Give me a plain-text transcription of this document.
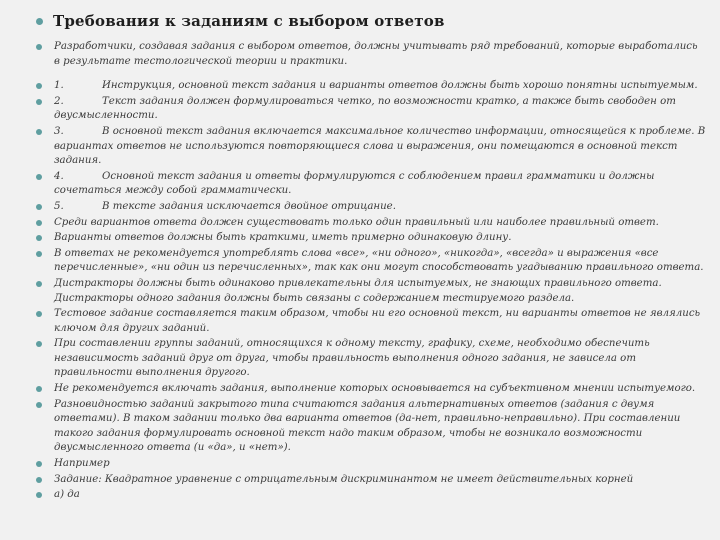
Требования к заданиям с выбором ответов
Разработчики, создавая задания с выбором ответов, должны учитывать ряд требований, которые выработались в результате тестологической теории и практики.
1.	Инструкция, основной текст задания и варианты ответов должны быть хорошо понятны испытуемым.
2.	Текст задания должен формулироваться четко, по возможности кратко, а также быть свободен от двусмысленности.
3.	В основной текст задания включается максимальное количество информации, относящейся к проблеме. В вариантах ответов не используются повторяющиеся слова и выражения, они помещаются в основной текст задания.
4.	Основной текст задания и ответы формулируются с соблюдением правил грамматики и должны сочетаться между собой грамматически.
5.	В тексте задания исключается двойное отрицание.
Среди вариантов ответа должен существовать только один правильный или наиболее правильный ответ.
Варианты ответов должны быть краткими, иметь примерно одинаковую длину.
В ответах не рекомендуется употреблять слова «все», «ни одного», «никогда», «всегда» и выражения «все перечисленные», «ни один из перечисленных», так как они могут способствовать угадыванию правильного ответа.
Дистракторы должны быть одинаково привлекательны для испытуемых, не знающих правильного ответа. Дистракторы одного задания должны быть связаны с содержанием тестируемого раздела.
Тестовое задание составляется таким образом, чтобы ни его основной текст, ни варианты ответов не являлись ключом для других заданий.
При составлении группы заданий, относящихся к одному тексту, графику, схеме, необходимо обеспечить независимость заданий друг от друга, чтобы правильность выполнения одного задания, не зависела от правильности выполнения другого.
Не рекомендуется включать задания, выполнение которых основывается на субъективном мнении испытуемого.
Разновидностью заданий закрытого типа считаются задания альтернативных ответов (задания с двумя ответами). В таком задании только два варианта ответов (да-нет, правильно-неправильно). При составлении такого задания формулировать основной текст надо таким образом, чтобы не возникало возможности двусмысленного ответа (и «да», и «нет»).
Например
Задание: Квадратное уравнение с отрицательным дискриминантом не имеет действительных корней
а) да
